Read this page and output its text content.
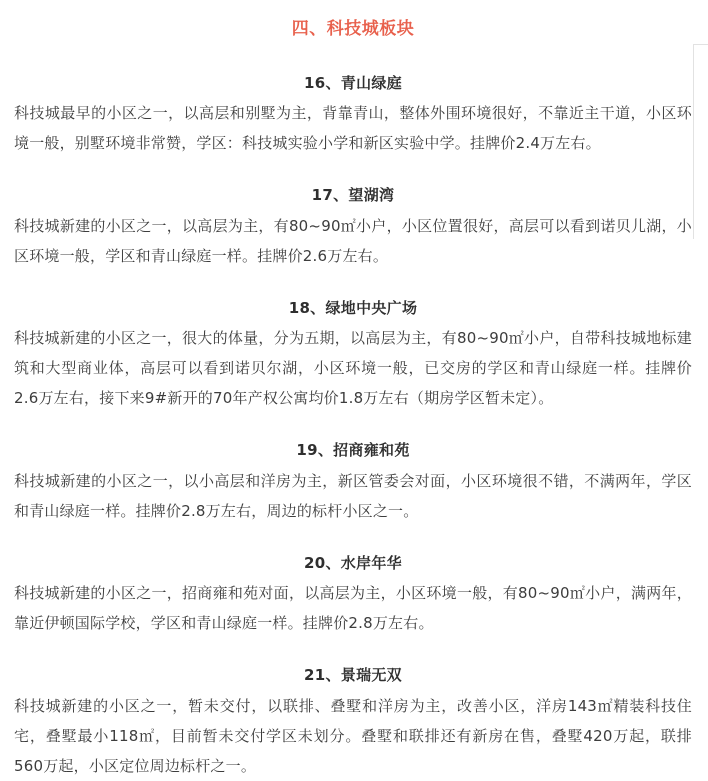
四、科技城板块
16、青山绿庭

科技城最早的小区之一，以高层和别墅为主，背靠青山，整体外围环境很好，不靠近主干道，小区环境一般，别墅环境非常赞，学区：科技城实验小学和新区实验中学。挂牌价2.4万左右。

17、望湖湾

科技城新建的小区之一，以高层为主，有80~90㎡小户，小区位置很好，高层可以看到诺贝儿湖，小区环境一般，学区和青山绿庭一样。挂牌价2.6万左右。

18、绿地中央广场

科技城新建的小区之一，很大的体量，分为五期，以高层为主，有80~90㎡小户，自带科技城地标建筑和大型商业体，高层可以看到诺贝尔湖，小区环境一般，已交房的学区和青山绿庭一样。挂牌价2.6万左右，接下来9#新开的70年产权公寓均价1.8万左右（期房学区暂未定）。

19、招商雍和苑

科技城新建的小区之一，以小高层和洋房为主，新区管委会对面，小区环境很不错，不满两年，学区和青山绿庭一样。挂牌价2.8万左右，周边的标杆小区之一。

20、水岸年华

科技城新建的小区之一，招商雍和苑对面，以高层为主，小区环境一般，有80~90㎡小户，满两年，靠近伊顿国际学校，学区和青山绿庭一样。挂牌价2.8万左右。

21、景瑞无双

科技城新建的小区之一，暂未交付，以联排、叠墅和洋房为主，改善小区，洋房143㎡精装科技住宅，叠墅最小118㎡，目前暂未交付学区未划分。叠墅和联排还有新房在售，叠墅420万起，联排560万起，小区定位周边标杆之一。
